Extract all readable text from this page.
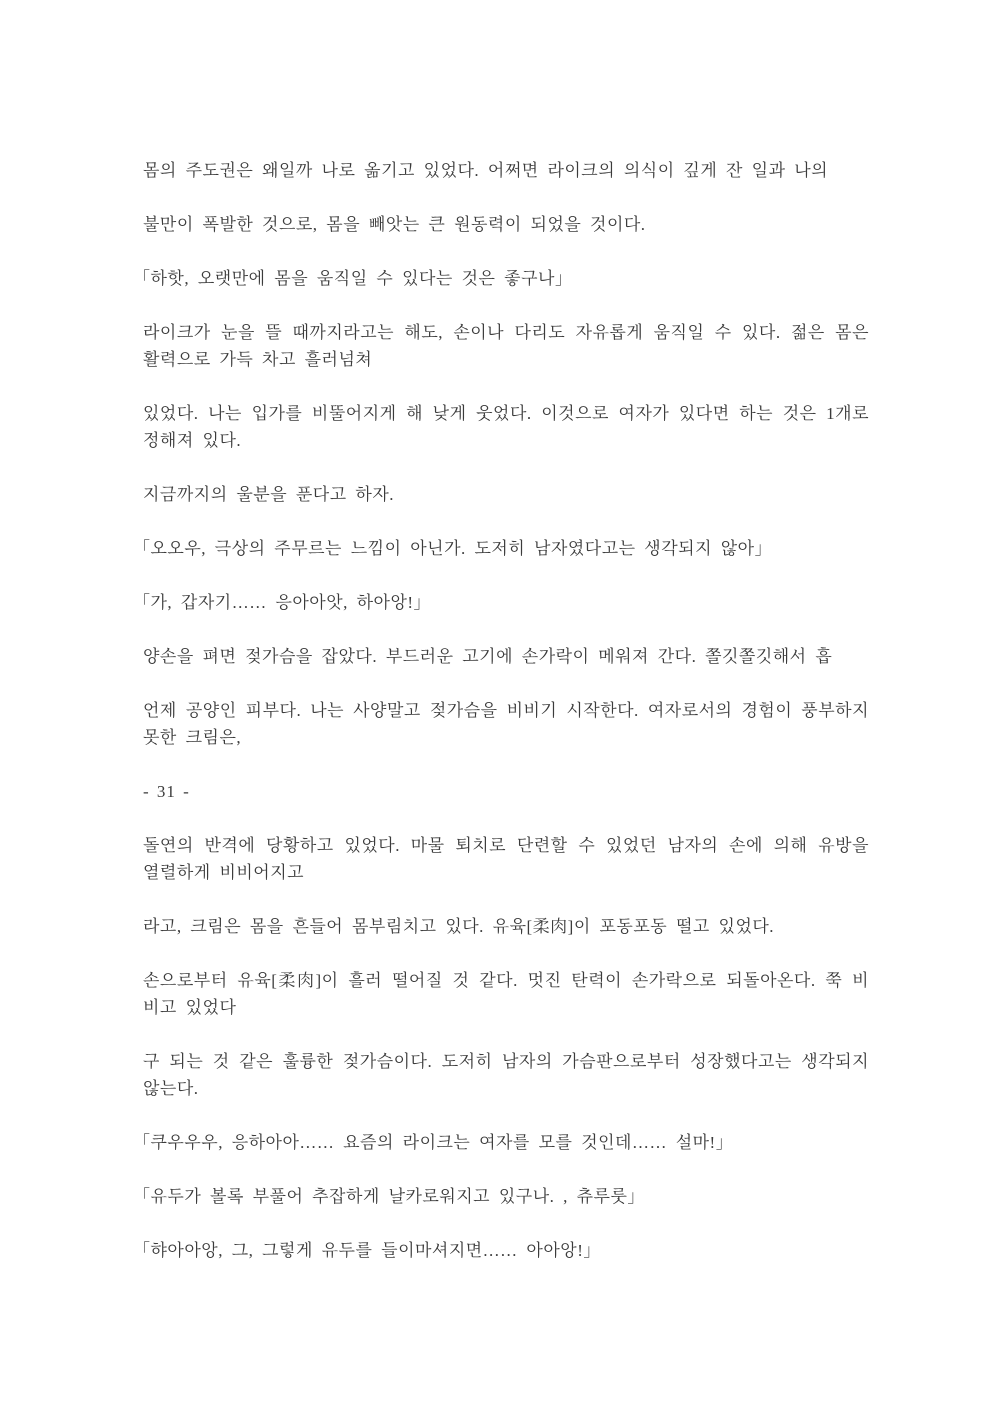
몸의 주도권은 왜일까 나로 옮기고 있었다. 어쩌면 라이크의 의식이 깊게 잔 일과 나의

불만이 폭발한 것으로, 몸을 빼앗는 큰 원동력이 되었을 것이다.

「하핫, 오랫만에 몸을 움직일 수 있다는 것은 좋구나」

라이크가 눈을 뜰 때까지라고는 해도, 손이나 다리도 자유롭게 움직일 수 있다. 젊은 몸은 활력으로 가득 차고 흘러넘쳐

있었다. 나는 입가를 비뚤어지게 해 낮게 웃었다. 이것으로 여자가 있다면 하는 것은 1개로 정해져 있다.

지금까지의 울분을 푼다고 하자.

「오오우, 극상의 주무르는 느낌이 아닌가. 도저히 남자였다고는 생각되지 않아」

「가, 갑자기…… 응아아앗, 하아앙!」

양손을 펴면 젖가슴을 잡았다. 부드러운 고기에 손가락이 메워져 간다. 쫄깃쫄깃해서 흡

언제 공양인 피부다. 나는 사양말고 젖가슴을 비비기 시작한다. 여자로서의 경험이 풍부하지 못한 크림은,

- 31 -

돌연의 반격에 당황하고 있었다. 마물 퇴치로 단련할 수 있었던 남자의 손에 의해 유방을 열렬하게 비비어지고

라고, 크림은 몸을 흔들어 몸부림치고 있다. 유육[柔肉]이 포동포동 떨고 있었다.

손으로부터 유육[柔肉]이 흘러 떨어질 것 같다. 멋진 탄력이 손가락으로 되돌아온다. 쭉 비비고 있었다

구 되는 것 같은 훌륭한 젖가슴이다. 도저히 남자의 가슴판으로부터 성장했다고는 생각되지 않는다.

「쿠우우우, 응하아아…… 요즘의 라이크는 여자를 모를 것인데…… 설마!」

「유두가 볼록 부풀어 추잡하게 날카로워지고 있구나. , 츄루룻」

「햐아아앙, 그, 그렇게 유두를 들이마셔지면…… 아아앙!」
